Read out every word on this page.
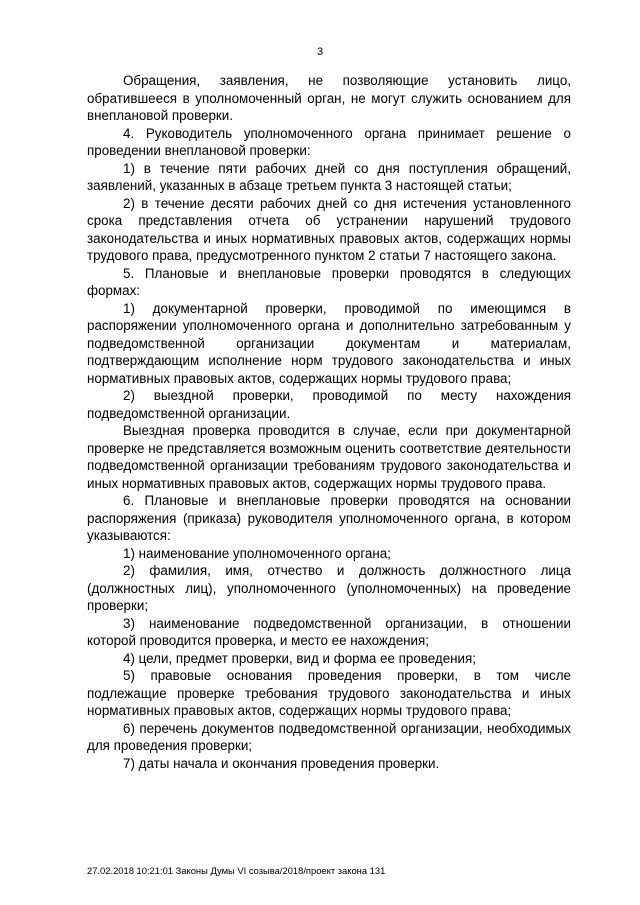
3

Обращения, заявления, не позволяющие установить лицо, обратившееся в уполномоченный орган, не могут служить основанием для внеплановой проверки.

4. Руководитель уполномоченного органа принимает решение о проведении внеплановой проверки:

1) в течение пяти рабочих дней со дня поступления обращений, заявлений, указанных в абзаце третьем пункта 3 настоящей статьи;

2) в течение десяти рабочих дней со дня истечения установленного срока представления отчета об устранении нарушений трудового законодательства и иных нормативных правовых актов, содержащих нормы трудового права, предусмотренного пунктом 2 статьи 7 настоящего закона.

5. Плановые и внеплановые проверки проводятся в следующих формах:

1) документарной проверки, проводимой по имеющимся в распоряжении уполномоченного органа и дополнительно затребованным у подведомственной организации документам и материалам, подтверждающим исполнение норм трудового законодательства и иных нормативных правовых актов, содержащих нормы трудового права;

2) выездной проверки, проводимой по месту нахождения подведомственной организации.

Выездная проверка проводится в случае, если при документарной проверке не представляется возможным оценить соответствие деятельности подведомственной организации требованиям трудового законодательства и иных нормативных правовых актов, содержащих нормы трудового права.

6. Плановые и внеплановые проверки проводятся на основании распоряжения (приказа) руководителя уполномоченного органа, в котором указываются:

1) наименование уполномоченного органа;

2) фамилия, имя, отчество и должность должностного лица (должностных лиц), уполномоченного (уполномоченных) на проведение проверки;

3) наименование подведомственной организации, в отношении которой проводится проверка, и место ее нахождения;

4) цели, предмет проверки, вид и форма ее проведения;

5) правовые основания проведения проверки, в том числе подлежащие проверке требования трудового законодательства и иных нормативных правовых актов, содержащих нормы трудового права;

6) перечень документов подведомственной организации, необходимых для проведения проверки;

7) даты начала и окончания проведения проверки.

27.02.2018 10:21:01 Законы Думы VI созыва/2018/проект закона 131
